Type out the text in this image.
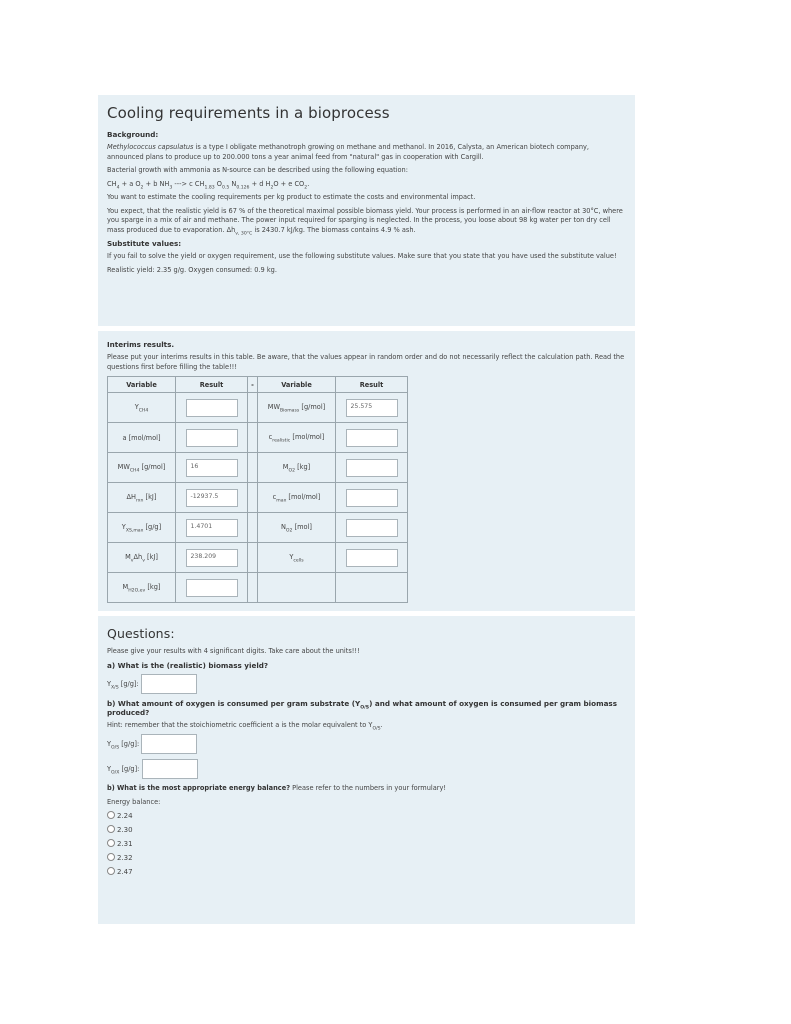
Cooling requirements in a bioprocess
Background:
Methylococcus capsulatus is a type I obligate methanotroph growing on methane and methanol. In 2016, Calysta, an American biotech company, announced plans to produce up to 200.000 tons a year animal feed from "natural" gas in cooperation with Cargill.
Bacterial growth with ammonia as N-source can be described using the following equation:
$CH_4 + a$ $O_2 + b$ $NH_3$ ---> c $CH_{1.83}$ $O_{0.5}$ $N_{0.126} + d$ $H_2O + e$ $CO_2$.
You want to estimate the cooling requirements per kg product to estimate the costs and environmental impact.
You expect, that the realistic yield is 67 % of the theoretical maximal possible biomass yield. Your process is performed in an air-flow reactor at 30°C, where you sparge in a mix of air and methane. The power input required for sparging is neglected. In the process, you loose about 98 kg water per ton dry cell mass produced due to evaporation. $\Delta h_{v, 30^\circ C}$ is 2430.7 kJ/kg. The biomass contains 4.9 % ash.
Substitute values:
If you fail to solve the yield or oxygen requirement, use the following substitute values. Make sure that you state that you have used the substitute value!
Realistic yield: 2.35 g/g. Oxygen consumed: 0.9 kg.
Interims results.
Please put your interims results in this table. Be aware, that the values appear in random order and do not necessarily reflect the calculation path. Read the questions first before filling the table!!!
Variable	Result	-	Variable	Result
$Y_{CH4}$			$MW_{Biomass}$ [g/mol]	25.575
a [mol/mol]			$c_{realistic}$ [mol/mol]	
$MW_{CH4}$ [g/mol]	16		$M_{O2}$ [kg]	
$\Delta H_{rxn}$ [kJ]	-12937.5		$c_{max}$ [mol/mol]	
$Y_{XS,max}$ [g/g]	1.4701		$N_{O2}$ [mol]	
$M_v\Delta h_v$ [kJ]	238.209		$Y_{cells}$	
$M_{H2O,ev}$ [kg]				
Questions:
Please give your results with 4 significant digits. Take care about the units!!!
a) What is the (realistic) biomass yield?
$Y_{X/S}$ [g/g]:
b) What amount of oxygen is consumed per gram substrate $(Y_{O/S})$ and what amount of oxygen is consumed per gram biomass produced?
Hint: remember that the stoichiometric coefficient a is the molar equivalent to $Y_{O/S}$.
$Y_{O/S}$ [g/g]:
$Y_{O/X}$ [g/g]:
b) What is the most appropriate energy balance? Please refer to the numbers in your formulary!
Energy balance:
2.24
2.30
2.31
2.32
2.47
